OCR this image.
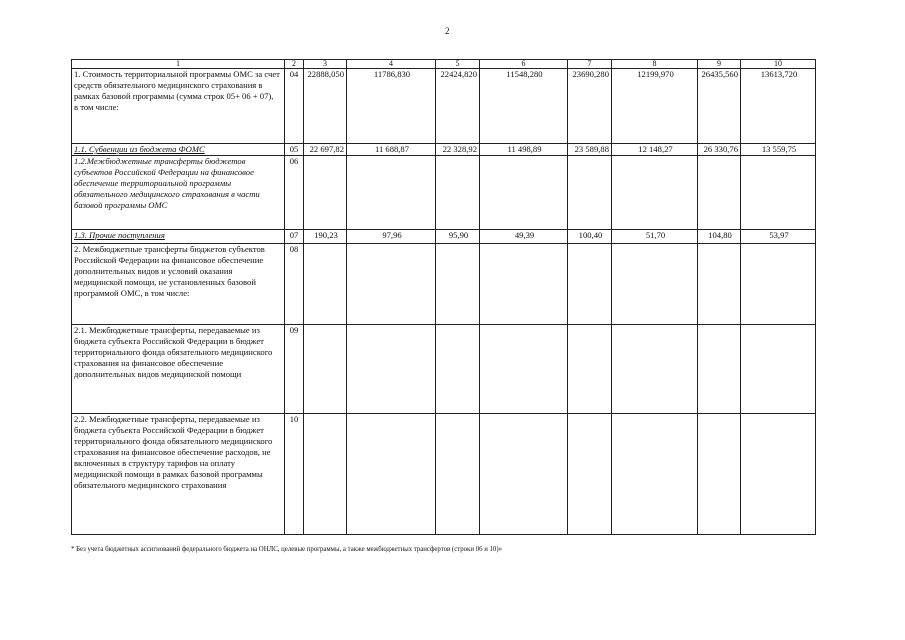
2
1	2	3	4	5	6	7	8	9	10
1. Стоимость территориальной программы ОМС за счет средств обязательного медицинского страхования в рамках базовой программы (сумма строк 05+ 06 + 07),
в том числе:	04	22888,050	11786,830	22424,820	11548,280	23690,280	12199,970	26435,560	13613,720
1.1. Субвенции из бюджета ФОМС	05	22 697,82	11 688,87	22 328,92	11 498,89	23 589,88	12 148,27	26 330,76	13 559,75
1.2.Межбюджетные трансферты бюджетов субъектов Российской Федерации на финансовое обеспечение территориальной программы обязательного медицинского страхования в части базовой программы ОМС	06								
1.3. Прочие поступления	07	190,23	97,96	95,90	49,39	100,40	51,70	104,80	53,97
2. Межбюджетные трансферты бюджетов субъектов Российской Федерации на финансовое обеспечение дополнительных видов и условий оказания медицинской помощи, не установленных базовой программой ОМС, в том числе:	08								
2.1. Межбюджетные трансферты, передаваемые из бюджета субъекта Российской Федерации в бюджет территориального фонда обязательного медицинского страхования на финансовое обеспечение дополнительных видов медицинской помощи	09								
2.2. Межбюджетные трансферты, передаваемые из бюджета субъекта Российской Федерации в бюджет территориального фонда обязательного медицинского страхования на финансовое обеспечение расходов, не включенных в структуру тарифов на оплату медицинской помощи в рамках базовой программы обязательного медицинского страхования	10								
* Без учета бюджетных ассигнований федерального бюджета на ОНЛС, целевые программы, а также межбюджетных трансфертов (строки 06 и 10)»
